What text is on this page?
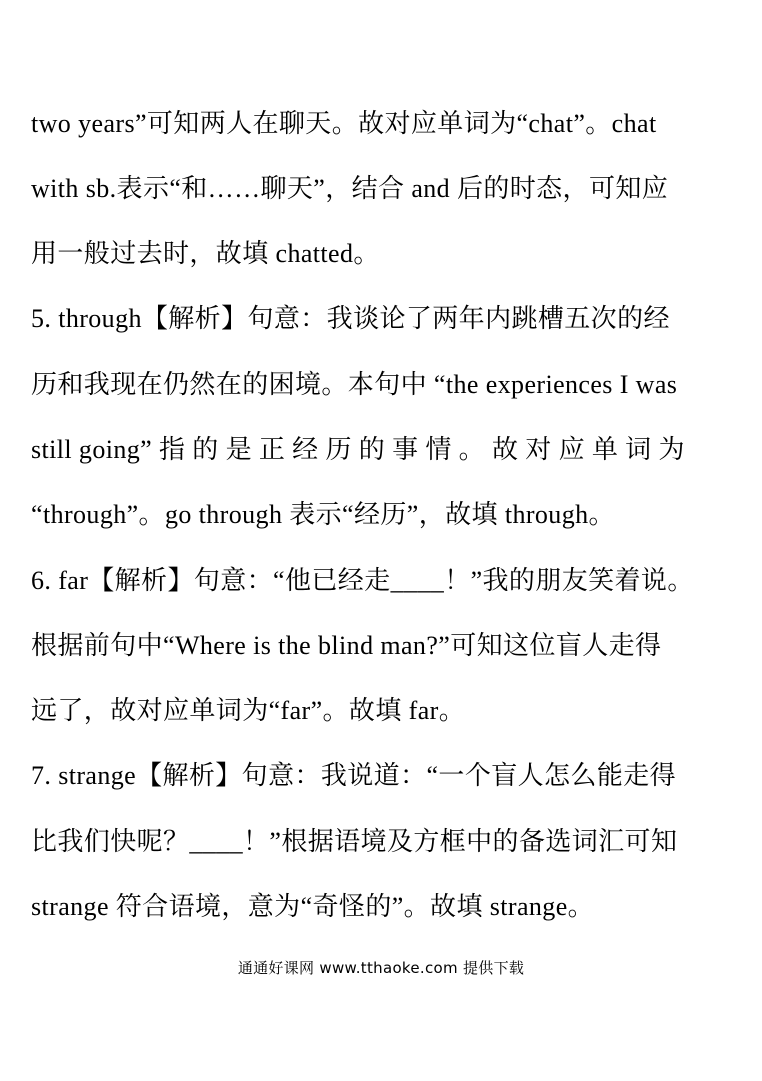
two years”可知两人在聊天。故对应单词为“chat”。chat
with sb.表示“和……聊天”，结合 and 后的时态，可知应
用一般过去时，故填 chatted。
5. through【解析】句意：我谈论了两年内跳槽五次的经
历和我现在仍然在的困境。本句中 “the experiences I was
still going” 指 的 是 正 经 历 的 事 情 。 故 对 应 单 词 为
“through”。go through 表示“经历”，故填 through。
6. far【解析】句意：“他已经走____！”我的朋友笑着说。
根据前句中“Where is the blind man?”可知这位盲人走得
远了，故对应单词为“far”。故填 far。
7. strange【解析】句意：我说道：“一个盲人怎么能走得
比我们快呢？____！”根据语境及方框中的备选词汇可知
strange 符合语境，意为“奇怪的”。故填 strange。
通通好课网 www.tthaoke.com 提供下载
